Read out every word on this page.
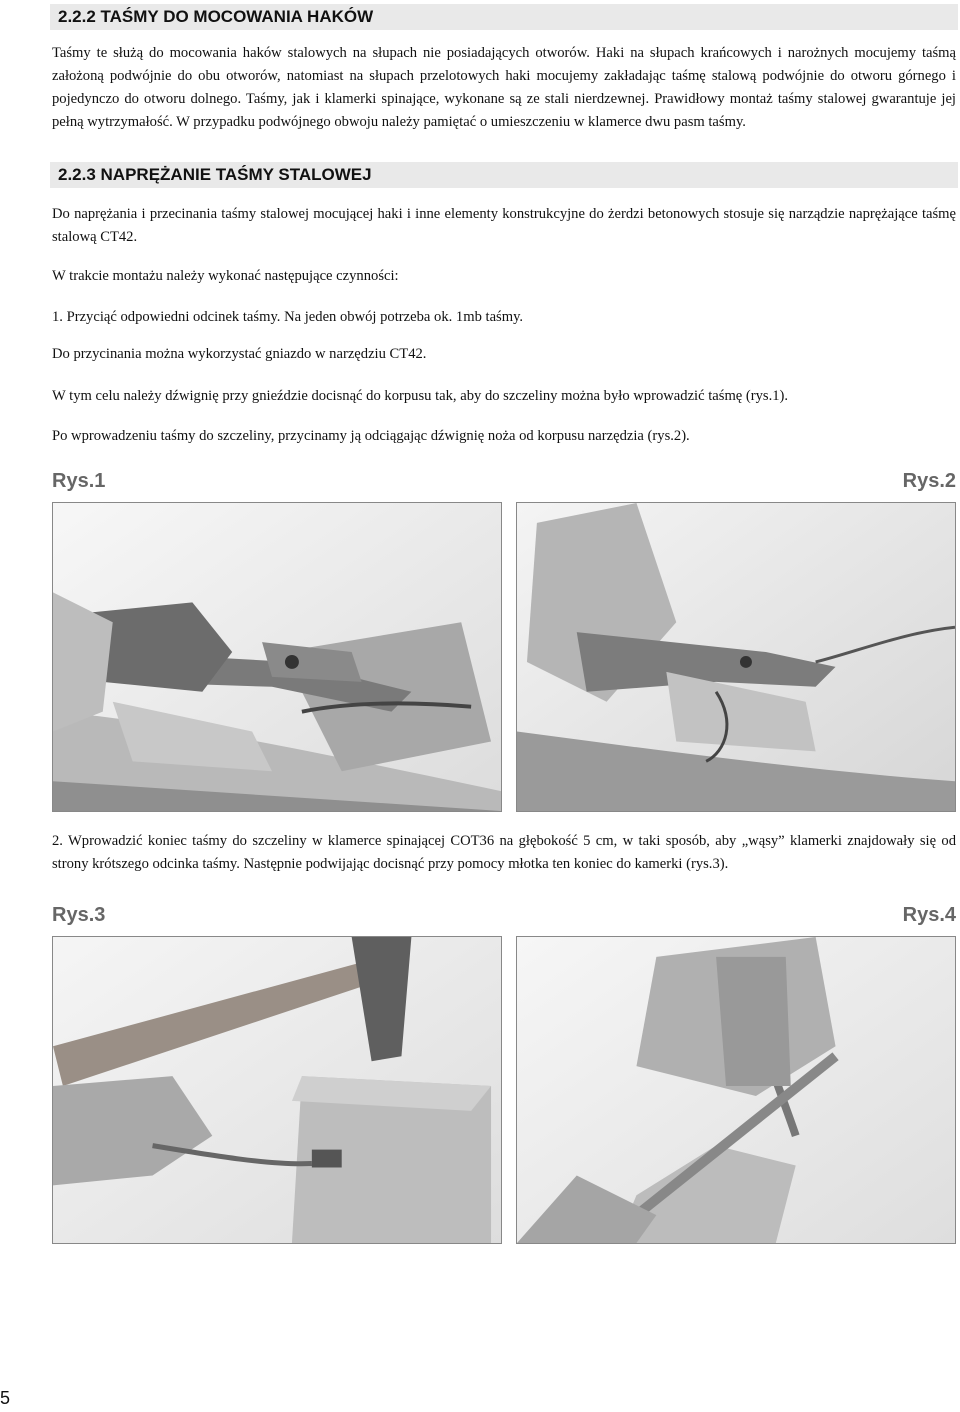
2.2.2 TAŚMY DO MOCOWANIA HAKÓW
Taśmy te służą do mocowania haków stalowych na słupach nie posiadających otworów. Haki na słupach krańcowych i narożnych mocujemy taśmą założoną podwójnie do obu otworów, natomiast na słupach przelotowych haki mocujemy zakładając taśmę stalową podwójnie do otworu górnego i pojedynczo do otworu dolnego. Taśmy, jak i klamerki spinające, wykonane są ze stali nierdzewnej. Prawidłowy montaż taśmy stalowej gwarantuje jej pełną wytrzymałość. W przypadku podwójnego obwoju należy pamiętać o umieszczeniu w klamerce dwu pasm taśmy.
2.2.3 NAPRĘŻANIE TAŚMY STALOWEJ
Do naprężania i przecinania taśmy stalowej mocującej haki i inne elementy konstrukcyjne do żerdzi betonowych stosuje się narządzie naprężające taśmę stalową CT42.
W trakcie montażu należy wykonać następujące czynności:
1. Przyciąć odpowiedni odcinek taśmy. Na jeden obwój potrzeba ok. 1mb taśmy.
Do przycinania można wykorzystać gniazdo w narzędziu CT42.
W tym celu należy dźwignię przy gnieździe docisnąć do korpusu tak, aby do szczeliny można było wprowadzić taśmę (rys.1).
Po wprowadzeniu taśmy do szczeliny, przycinamy ją odciągając dźwignię noża od korpusu narzędzia (rys.2).
Rys.1	Rys.2
2. Wprowadzić koniec taśmy do szczeliny w klamerce spinającej COT36 na głębokość 5 cm, w taki sposób, aby „wąsy” klamerki znajdowały się od strony krótszego odcinka taśmy. Następnie podwijając docisnąć przy pomocy młotka ten koniec do kamerki (rys.3).
Rys.3	Rys.4
5
